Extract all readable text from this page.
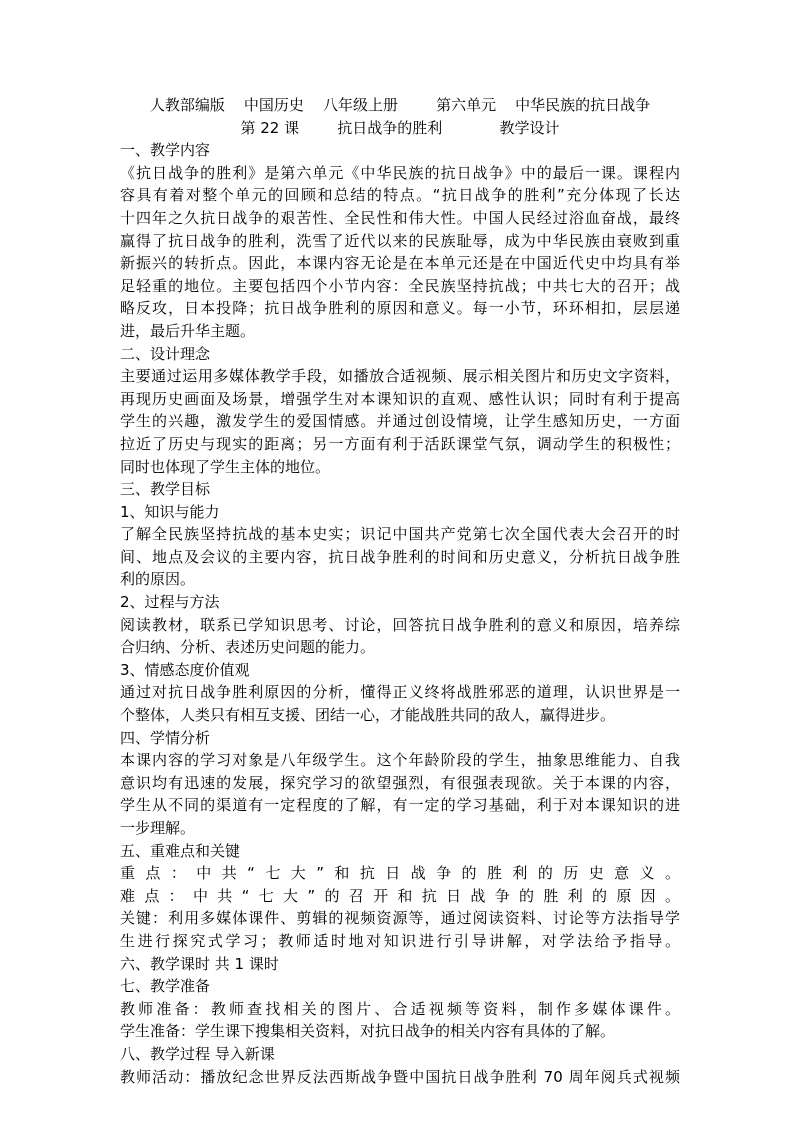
人教部编版    中国历史    八年级上册        第六单元    中华民族的抗日战争
第 22 课        抗日战争的胜利            教学设计
一、教学内容
《抗日战争的胜利》是第六单元《中华民族的抗日战争》中的最后一课。课程内
容具有着对整个单元的回顾和总结的特点。“抗日战争的胜利”充分体现了长达
十四年之久抗日战争的艰苦性、全民性和伟大性。中国人民经过浴血奋战，最终
赢得了抗日战争的胜利，洗雪了近代以来的民族耻辱，成为中华民族由衰败到重
新振兴的转折点。因此，本课内容无论是在本单元还是在中国近代史中均具有举
足轻重的地位。主要包括四个小节内容：全民族坚持抗战；中共七大的召开；战
略反攻，日本投降；抗日战争胜利的原因和意义。每一小节，环环相扣，层层递
进，最后升华主题。
二、设计理念
主要通过运用多媒体教学手段，如播放合适视频、展示相关图片和历史文字资料，
再现历史画面及场景，增强学生对本课知识的直观、感性认识；同时有利于提高
学生的兴趣，激发学生的爱国情感。并通过创设情境，让学生感知历史，一方面
拉近了历史与现实的距离；另一方面有利于活跃课堂气氛，调动学生的积极性；
同时也体现了学生主体的地位。
三、教学目标
1、知识与能力
了解全民族坚持抗战的基本史实；识记中国共产党第七次全国代表大会召开的时
间、地点及会议的主要内容，抗日战争胜利的时间和历史意义，分析抗日战争胜
利的原因。
2、过程与方法
阅读教材，联系已学知识思考、讨论，回答抗日战争胜利的意义和原因，培养综
合归纳、分析、表述历史问题的能力。
3、情感态度价值观
通过对抗日战争胜利原因的分析，懂得正义终将战胜邪恶的道理，认识世界是一
个整体，人类只有相互支援、团结一心，才能战胜共同的敌人，赢得进步。
四、学情分析
本课内容的学习对象是八年级学生。这个年龄阶段的学生，抽象思维能力、自我
意识均有迅速的发展，探究学习的欲望强烈，有很强表现欲。关于本课的内容，
学生从不同的渠道有一定程度的了解，有一定的学习基础，利于对本课知识的进
一步理解。
五、重难点和关键
重点：中共“七大”和抗日战争的胜利的历史意义。
难点：中共“七大”的召开和抗日战争的胜利的原因。
关键：利用多媒体课件、剪辑的视频资源等，通过阅读资料、讨论等方法指导学
生进行探究式学习；教师适时地对知识进行引导讲解，对学法给予指导。
六、教学课时 共 1 课时
七、教学准备
教师准备：教师查找相关的图片、合适视频等资料，制作多媒体课件。
学生准备：学生课下搜集相关资料，对抗日战争的相关内容有具体的了解。
八、教学过程 导入新课
教师活动：播放纪念世界反法西斯战争暨中国抗日战争胜利 70 周年阅兵式视频
